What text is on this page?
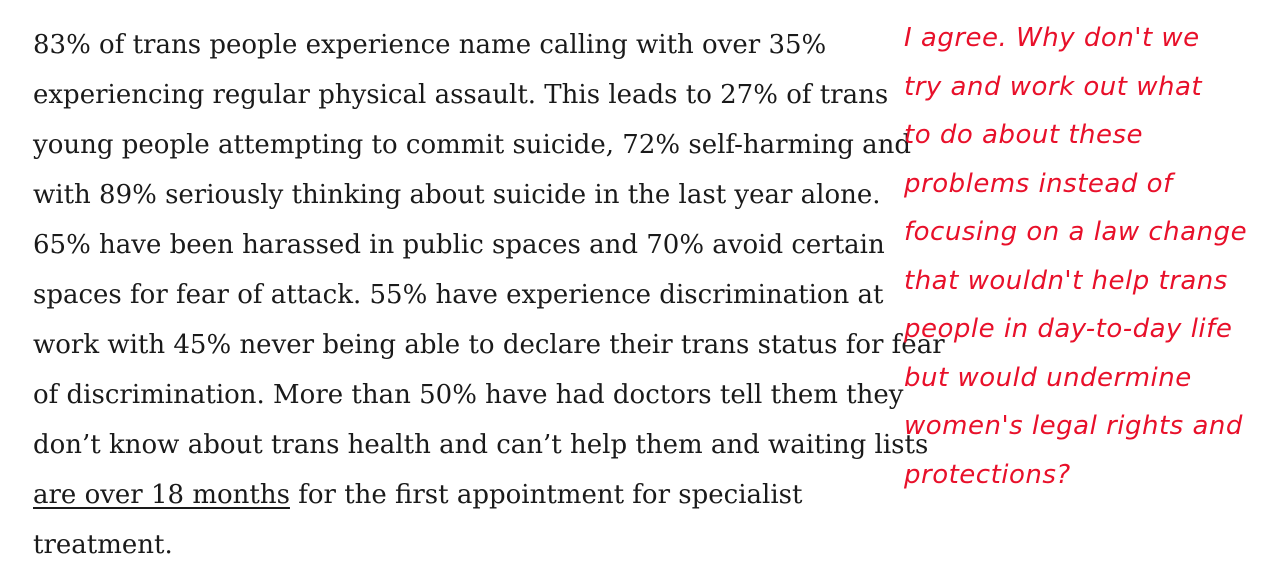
83% of trans people experience name calling with over 35%
experiencing regular physical assault. This leads to 27% of trans
young people attempting to commit suicide, 72% self-harming and
with 89% seriously thinking about suicide in the last year alone.
65% have been harassed in public spaces and 70% avoid certain
spaces for fear of attack. 55% have experience discrimination at
work with 45% never being able to declare their trans status for fear
of discrimination. More than 50% have had doctors tell them they
don’t know about trans health and can’t help them and waiting lists
are over 18 months for the first appointment for specialist
treatment.
I agree. Why don't we
try and work out what
to do about these
problems instead of
focusing on a law change
that wouldn't help trans
people in day-to-day life
but would undermine
women's legal rights and
protections?
